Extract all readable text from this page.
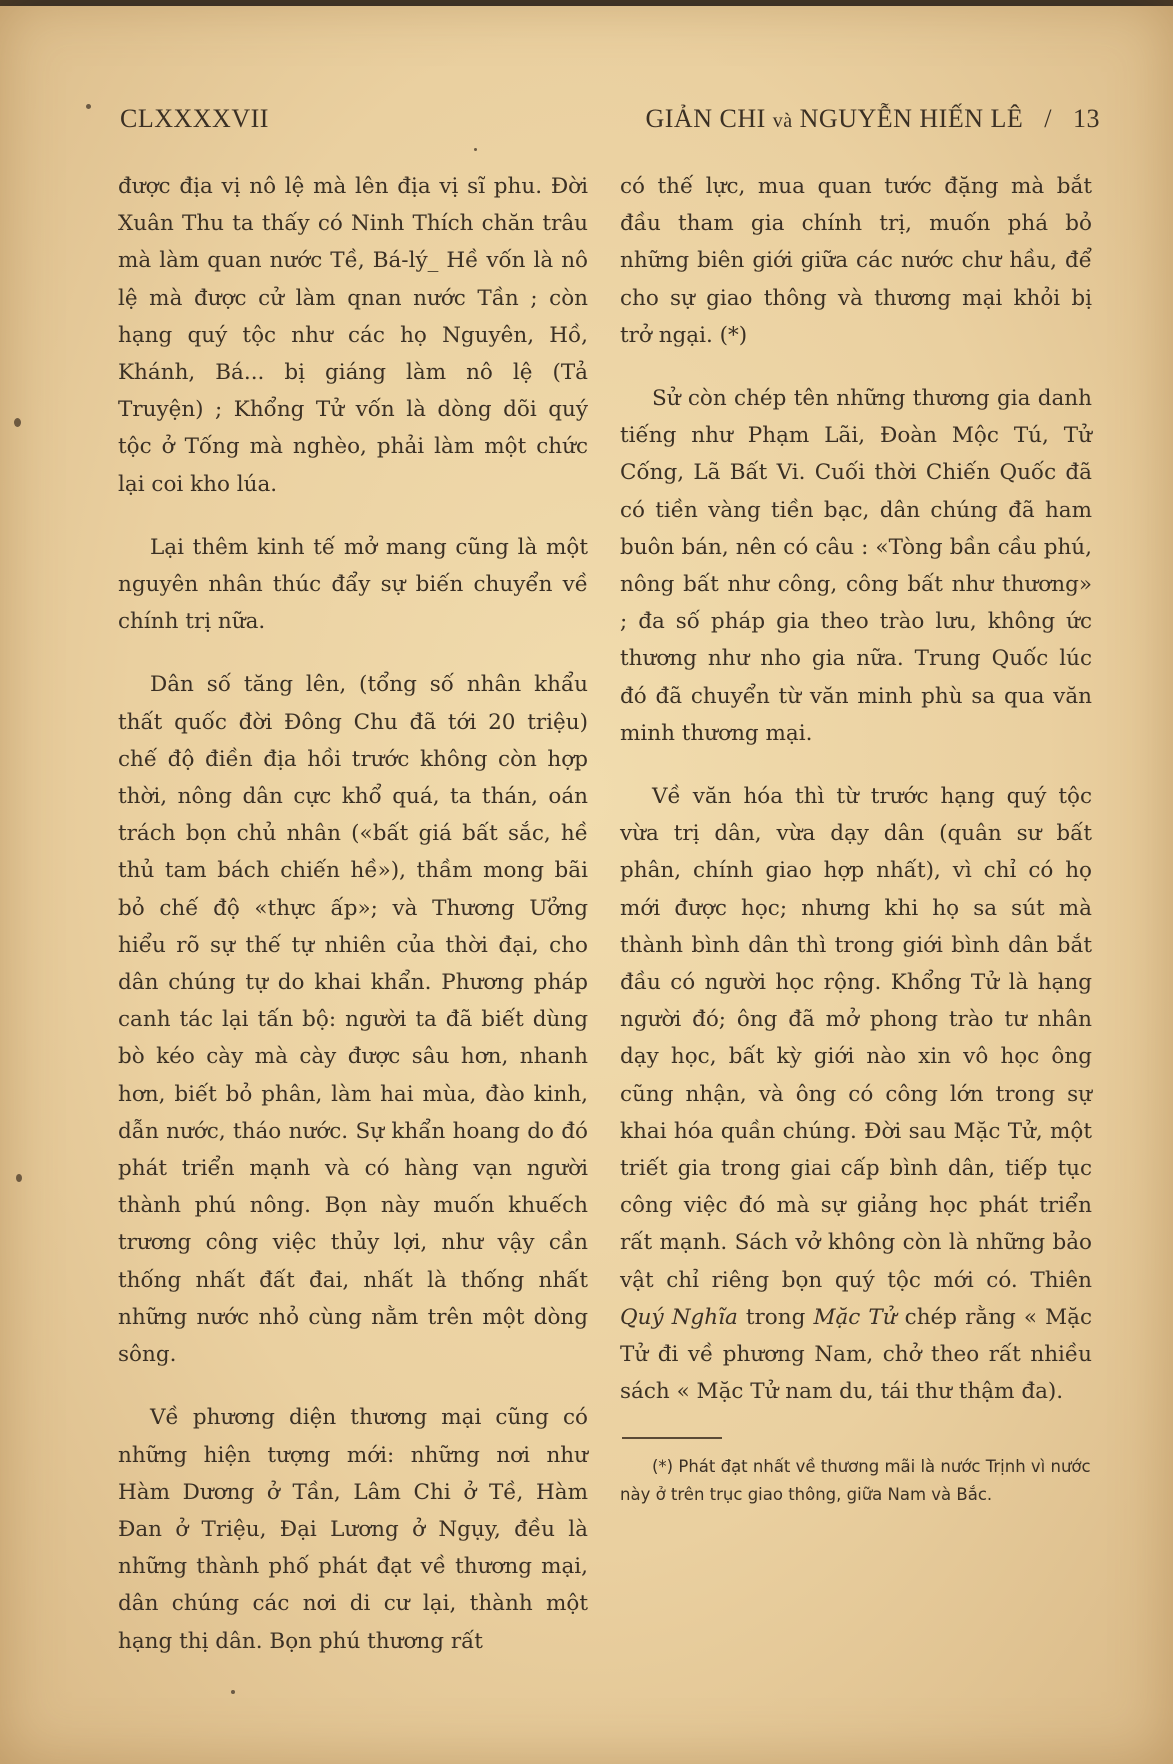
CLXXXXVII	GIẢN CHI và NGUYỄN HIẾN LÊ / 13

được địa vị nô lệ mà lên địa vị sĩ phu. Đời Xuân Thu ta thấy có Ninh Thích chăn trâu mà làm quan nước Tề, Bá-lý_ Hề vốn là nô lệ mà được cử làm qnan nước Tần ; còn hạng quý tộc như các họ Nguyên, Hồ, Khánh, Bá... bị giáng làm nô lệ (Tả Truyện) ; Khổng Tử vốn là dòng dõi quý tộc ở Tống mà nghèo, phải làm một chức lại coi kho lúa.

Lại thêm kinh tế mở mang cũng là một nguyên nhân thúc đẩy sự biến chuyển về chính trị nữa.

Dân số tăng lên, (tổng số nhân khẩu thất quốc đời Đông Chu đã tới 20 triệu) chế độ điền địa hồi trước không còn hợp thời, nông dân cực khổ quá, ta thán, oán trách bọn chủ nhân («bất giá bất sắc, hề thủ tam bách chiến hề»), thầm mong bãi bỏ chế độ «thực ấp»; và Thương Ưởng hiểu rõ sự thế tự nhiên của thời đại, cho dân chúng tự do khai khẩn. Phương pháp canh tác lại tấn bộ: người ta đã biết dùng bò kéo cày mà cày được sâu hơn, nhanh hơn, biết bỏ phân, làm hai mùa, đào kinh, dẫn nước, tháo nước. Sự khẩn hoang do đó phát triển mạnh và có hàng vạn người thành phú nông. Bọn này muốn khuếch trương công việc thủy lợi, như vậy cần thống nhất đất đai, nhất là thống nhất những nước nhỏ cùng nằm trên một dòng sông.

Về phương diện thương mại cũng có những hiện tượng mới: những nơi như Hàm Dương ở Tần, Lâm Chi ở Tề, Hàm Đan ở Triệu, Đại Lương ở Ngụy, đều là những thành phố phát đạt về thương mại, dân chúng các nơi di cư lại, thành một hạng thị dân. Bọn phú thương rất

có thế lực, mua quan tước đặng mà bắt đầu tham gia chính trị, muốn phá bỏ những biên giới giữa các nước chư hầu, để cho sự giao thông và thương mại khỏi bị trở ngại. (*)

Sử còn chép tên những thương gia danh tiếng như Phạm Lãi, Đoàn Mộc Tú, Tử Cống, Lã Bất Vi. Cuối thời Chiến Quốc đã có tiền vàng tiền bạc, dân chúng đã ham buôn bán, nên có câu : «Tòng bần cầu phú, nông bất như công, công bất như thương» ; đa số pháp gia theo trào lưu, không ức thương như nho gia nữa. Trung Quốc lúc đó đã chuyển từ văn minh phù sa qua văn minh thương mại.

Về văn hóa thì từ trước hạng quý tộc vừa trị dân, vừa dạy dân (quân sư bất phân, chính giao hợp nhất), vì chỉ có họ mới được học; nhưng khi họ sa sút mà thành bình dân thì trong giới bình dân bắt đầu có người học rộng. Khổng Tử là hạng người đó; ông đã mở phong trào tư nhân dạy học, bất kỳ giới nào xin vô học ông cũng nhận, và ông có công lớn trong sự khai hóa quần chúng. Đời sau Mặc Tử, một triết gia trong giai cấp bình dân, tiếp tục công việc đó mà sự giảng học phát triển rất mạnh. Sách vở không còn là những bảo vật chỉ riêng bọn quý tộc mới có. Thiên Quý Nghĩa trong Mặc Tử chép rằng « Mặc Tử đi về phương Nam, chở theo rất nhiều sách « Mặc Tử nam du, tái thư thậm đa).

(*) Phát đạt nhất về thương mãi là nước Trịnh vì nước này ở trên trục giao thông, giữa Nam và Bắc.
